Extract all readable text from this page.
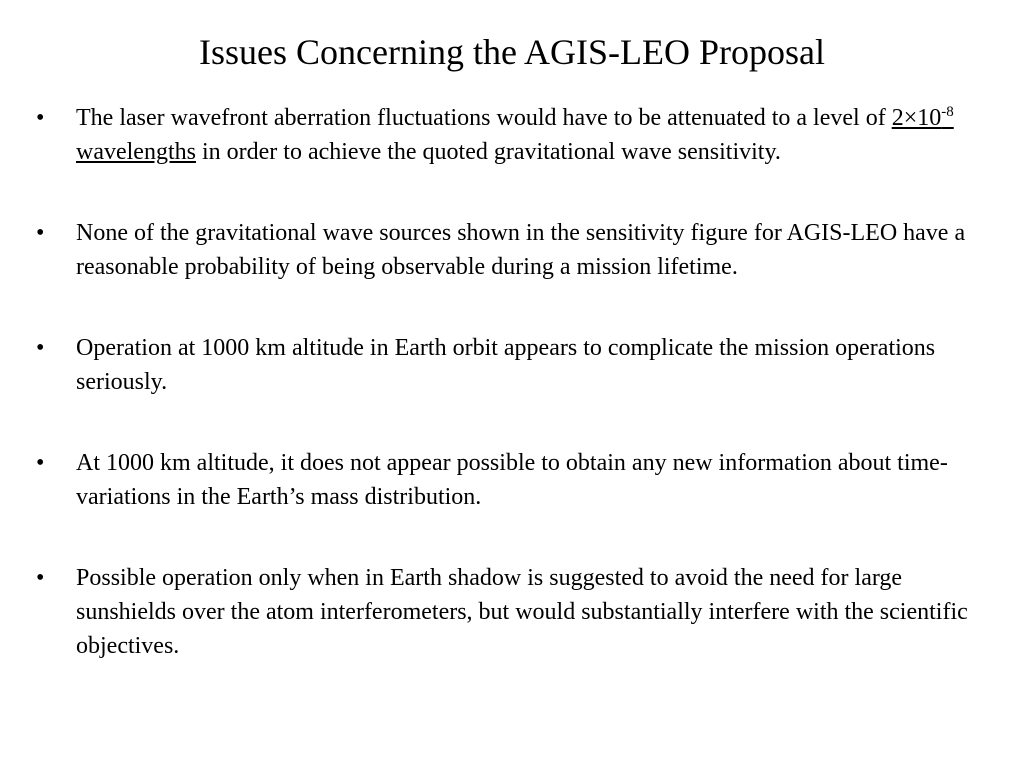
Issues Concerning the AGIS-LEO Proposal
•	The laser wavefront aberration fluctuations would have to be attenuated to a level of $2\times 10^{-8}$ wavelengths in order to achieve the quoted gravitational wave sensitivity.
•	None of the gravitational wave sources shown in the sensitivity figure for AGIS-LEO have a reasonable probability of being observable during a mission lifetime.
•	Operation at 1000 km altitude in Earth orbit appears to complicate the mission operations seriously.
•	At 1000 km altitude, it does not appear possible to obtain any new information about time-variations in the Earth’s mass distribution.
•	Possible operation only when in Earth shadow is suggested to avoid the need for large sunshields over the atom interferometers, but would substantially interfere with the scientific objectives.
